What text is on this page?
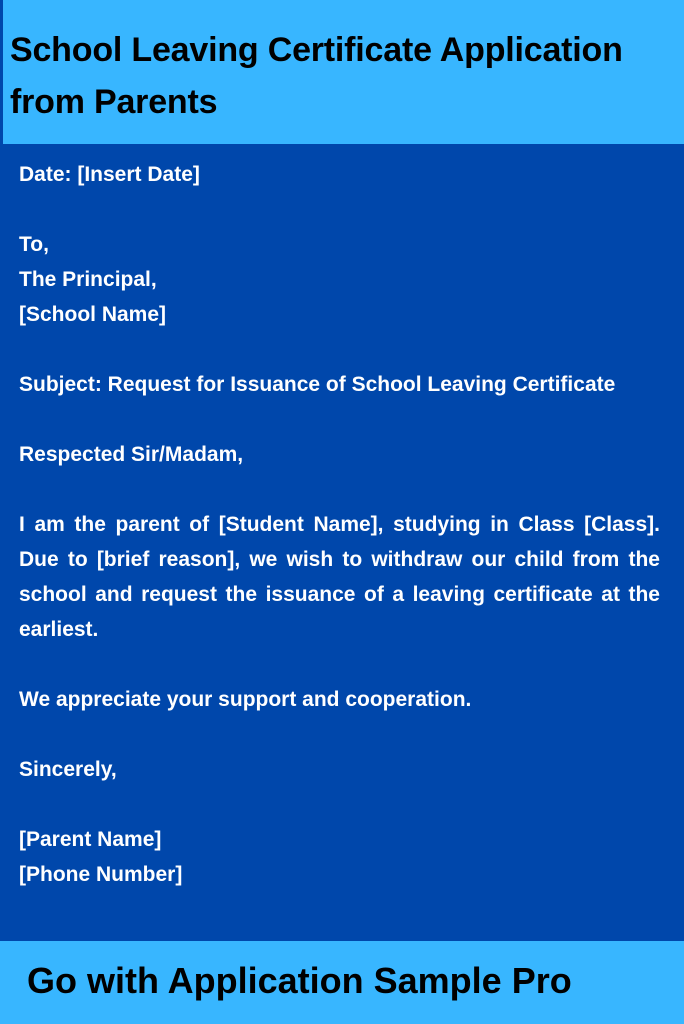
School Leaving Certificate Application
from Parents

Date: [Insert Date]

To,

The Principal,

[School Name]

Subject: Request for Issuance of School Leaving Certificate

Respected Sir/Madam,

I am the parent of [Student Name], studying in Class [Class]. Due to [brief reason], we wish to withdraw our child from the school and request the issuance of a leaving certificate at the earliest.

We appreciate your support and cooperation.

Sincerely,

[Parent Name]

[Phone Number]

Go with Application Sample Pro
